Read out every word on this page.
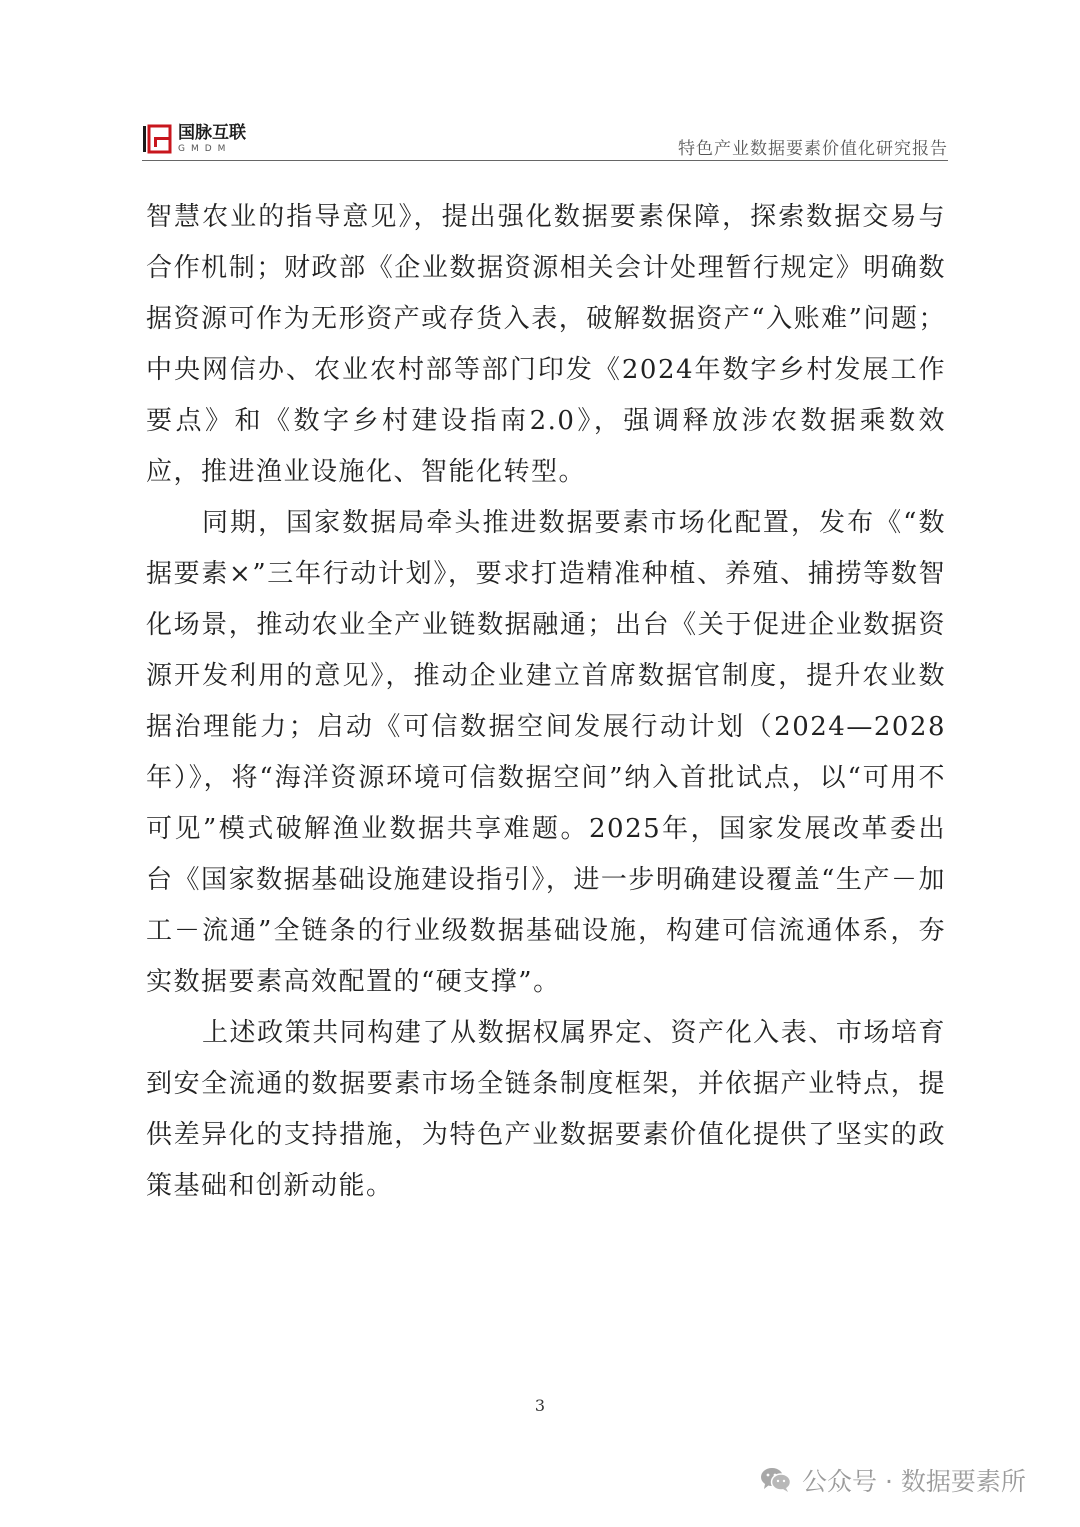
国脉互联
GMDM	特色产业数据要素价值化研究报告

智慧农业的指导意见》，提出强化数据要素保障，探索数据交易与合作机制；财政部《企业数据资源相关会计处理暂行规定》明确数据资源可作为无形资产或存货入表，破解数据资产“入账难”问题；中央网信办、农业农村部等部门印发《2024年数字乡村发展工作要点》和《数字乡村建设指南2.0》，强调释放涉农数据乘数效应，推进渔业设施化、智能化转型。

同期，国家数据局牵头推进数据要素市场化配置，发布《“数据要素×”三年行动计划》，要求打造精准种植、养殖、捕捞等数智化场景，推动农业全产业链数据融通；出台《关于促进企业数据资源开发利用的意见》，推动企业建立首席数据官制度，提升农业数据治理能力；启动《可信数据空间发展行动计划（2024—2028年）》，将“海洋资源环境可信数据空间”纳入首批试点，以“可用不可见”模式破解渔业数据共享难题。2025年，国家发展改革委出台《国家数据基础设施建设指引》，进一步明确建设覆盖“生产－加工－流通”全链条的行业级数据基础设施，构建可信流通体系，夯实数据要素高效配置的“硬支撑”。

上述政策共同构建了从数据权属界定、资产化入表、市场培育到安全流通的数据要素市场全链条制度框架，并依据产业特点，提供差异化的支持措施，为特色产业数据要素价值化提供了坚实的政策基础和创新动能。

3
公众号 · 数据要素所
